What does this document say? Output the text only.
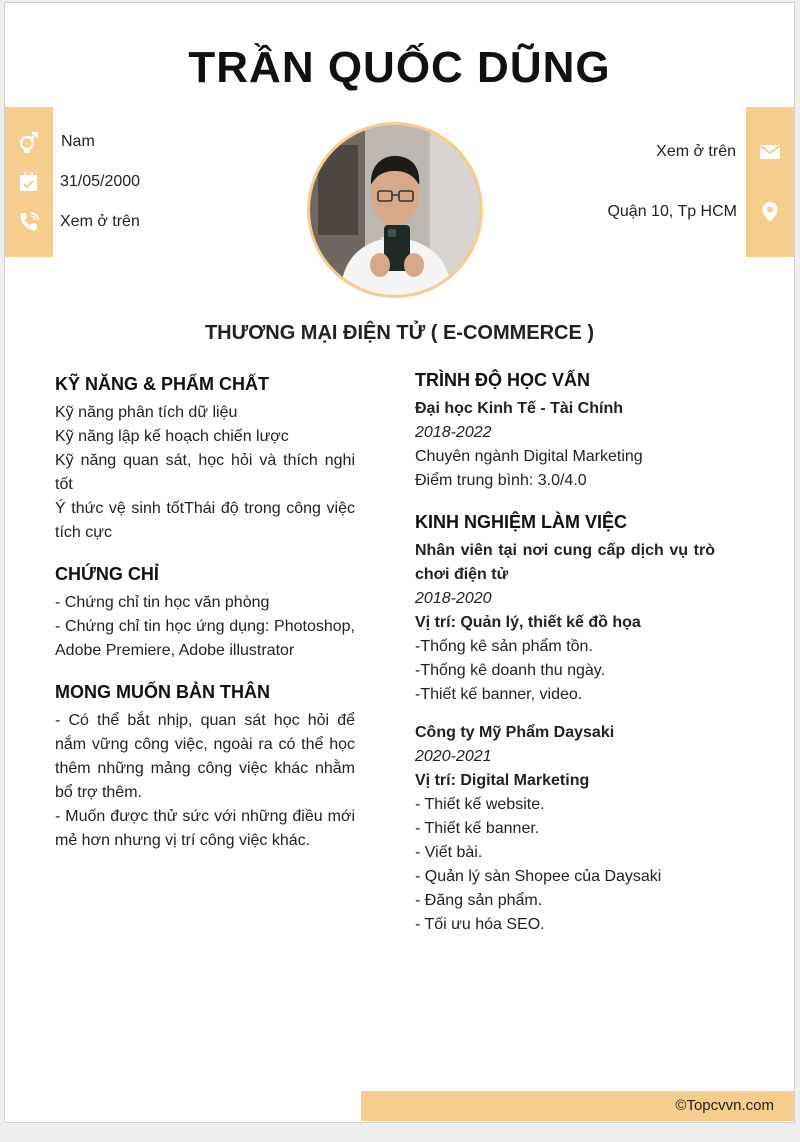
TRẦN QUỐC DŨNG
Nam
31/05/2000
Xem ở trên
Xem ở trên
Quận 10, Tp HCM
THƯƠNG MẠI ĐIỆN TỬ ( E-COMMERCE )
KỸ NĂNG & PHẨM CHẤT

Kỹ năng phân tích dữ liệu

Kỹ năng lập kế hoạch chiến lược

Kỹ năng quan sát, học hỏi và thích nghi tốt

Ý thức vệ sinh tốtThái độ trong công việc tích cực

CHỨNG CHỈ

- Chứng chỉ tin học văn phòng

- Chứng chỉ tin học ứng dụng: Photoshop, Adobe Premiere, Adobe illustrator

MONG MUỐN BẢN THÂN

- Có thể bắt nhịp, quan sát học hỏi để nắm vững công việc, ngoài ra có thể học thêm những mảng công việc khác nhằm bổ trợ thêm.

- Muốn được thử sức với những điều mới mẻ hơn nhưng vị trí công việc khác.

TRÌNH ĐỘ HỌC VẤN

Đại học Kinh Tế - Tài Chính

2018-2022

Chuyên ngành Digital Marketing

Điểm trung bình: 3.0/4.0

KINH NGHIỆM LÀM VIỆC

Nhân viên tại nơi cung cấp dịch vụ trò chơi điện tử

2018-2020

Vị trí: Quản lý, thiết kế đồ họa

-Thống kê sản phẩm tồn.

-Thống kê doanh thu ngày.

-Thiết kế banner, video.

Công ty Mỹ Phẩm Daysaki

2020-2021

Vị trí: Digital Marketing

- Thiết kế website.

- Thiết kế banner.

- Viết bài.

- Quản lý sàn Shopee của Daysaki

- Đăng sản phẩm.

- Tối ưu hóa SEO.

©Topcvvn.com
